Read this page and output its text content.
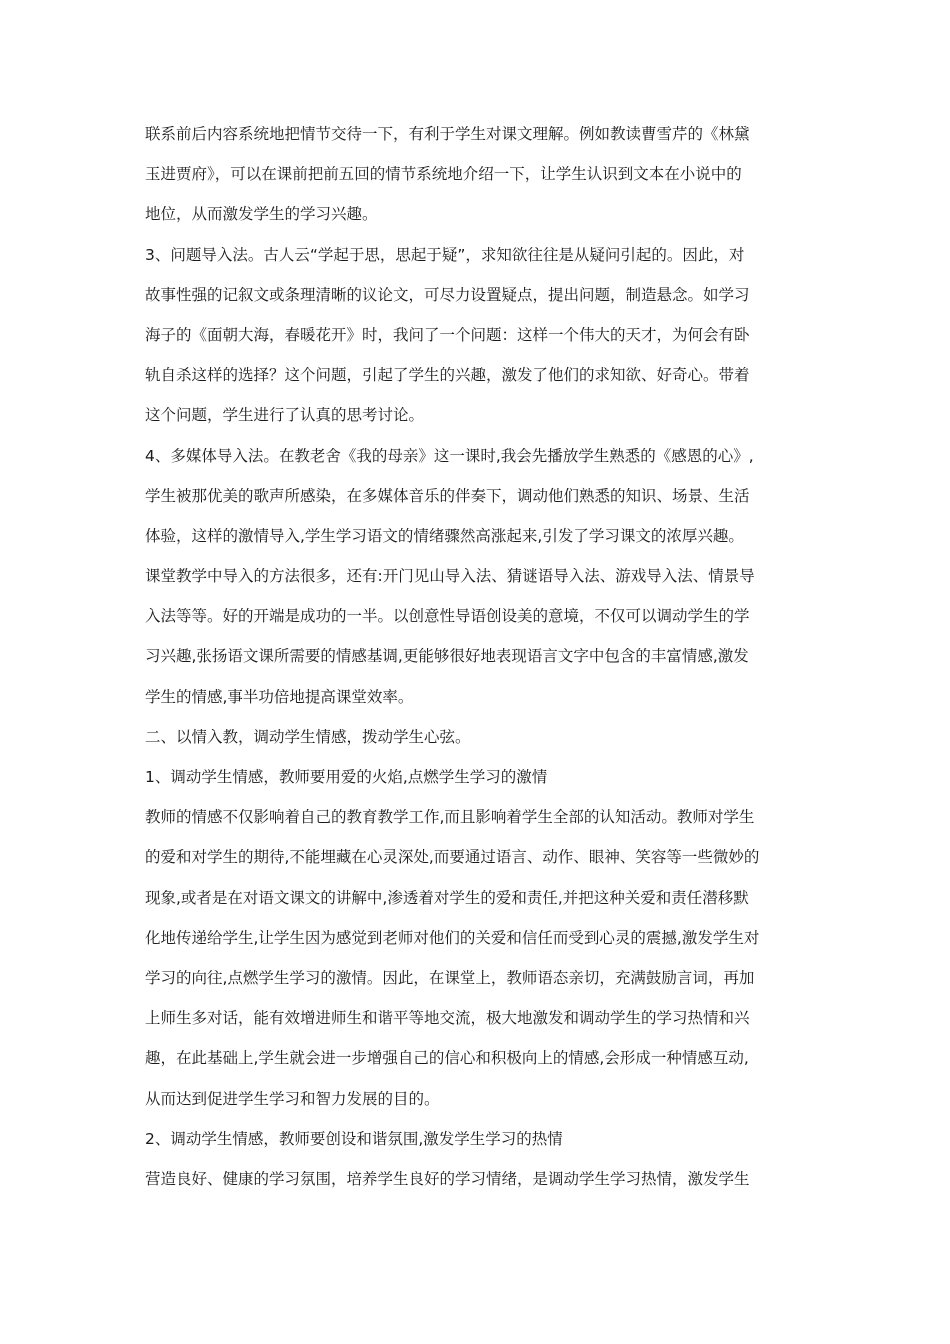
联系前后内容系统地把情节交待一下，有利于学生对课文理解。例如教读曹雪芹的《林黛
玉进贾府》，可以在课前把前五回的情节系统地介绍一下，让学生认识到文本在小说中的
地位，从而激发学生的学习兴趣。
3、问题导入法。古人云“学起于思，思起于疑”，求知欲往往是从疑问引起的。因此，对
故事性强的记叙文或条理清晰的议论文，可尽力设置疑点，提出问题，制造悬念。如学习
海子的《面朝大海，春暖花开》时，我问了一个问题：这样一个伟大的天才，为何会有卧
轨自杀这样的选择？这个问题，引起了学生的兴趣，激发了他们的求知欲、好奇心。带着
这个问题，学生进行了认真的思考讨论。
4、多媒体导入法。在教老舍《我的母亲》这一课时,我会先播放学生熟悉的《感恩的心》,
学生被那优美的歌声所感染，在多媒体音乐的伴奏下，调动他们熟悉的知识、场景、生活
体验，这样的激情导入,学生学习语文的情绪骤然高涨起来,引发了学习课文的浓厚兴趣。
课堂教学中导入的方法很多，还有:开门见山导入法、猜谜语导入法、游戏导入法、情景导
入法等等。好的开端是成功的一半。以创意性导语创设美的意境，不仅可以调动学生的学
习兴趣,张扬语文课所需要的情感基调,更能够很好地表现语言文字中包含的丰富情感,激发
学生的情感,事半功倍地提高课堂效率。
二、以情入教，调动学生情感，拨动学生心弦。
1、调动学生情感，教师要用爱的火焰,点燃学生学习的激情
教师的情感不仅影响着自己的教育教学工作,而且影响着学生全部的认知活动。教师对学生
的爱和对学生的期待,不能埋藏在心灵深处,而要通过语言、动作、眼神、笑容等一些微妙的
现象,或者是在对语文课文的讲解中,渗透着对学生的爱和责任,并把这种关爱和责任潜移默
化地传递给学生,让学生因为感觉到老师对他们的关爱和信任而受到心灵的震撼,激发学生对
学习的向往,点燃学生学习的激情。因此，在课堂上，教师语态亲切，充满鼓励言词，再加
上师生多对话，能有效增进师生和谐平等地交流，极大地激发和调动学生的学习热情和兴
趣，在此基础上,学生就会进一步增强自己的信心和积极向上的情感,会形成一种情感互动,
从而达到促进学生学习和智力发展的目的。
2、调动学生情感，教师要创设和谐氛围,激发学生学习的热情
营造良好、健康的学习氛围，培养学生良好的学习情绪，是调动学生学习热情，激发学生
